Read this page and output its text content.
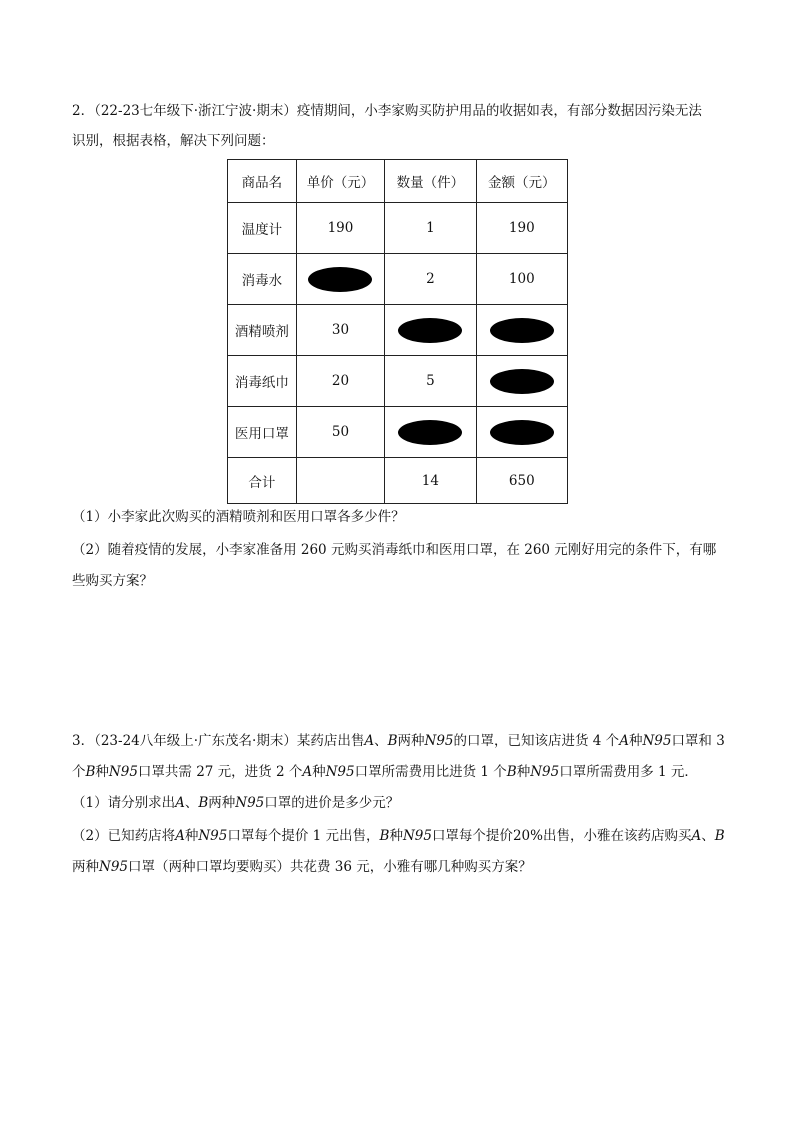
2．（22-23七年级下·浙江宁波·期末）疫情期间，小李家购买防护用品的收据如表，有部分数据因污染无法
识别，根据表格，解决下列问题：
商品名	单价（元）	数量（件）	金额（元）
温度计	190	1	190
消毒水		2	100
酒精喷剂	30		
消毒纸巾	20	5	
医用口罩	50		
合计		14	650
（1）小李家此次购买的酒精喷剂和医用口罩各多少件？
（2）随着疫情的发展，小李家准备用 260 元购买消毒纸巾和医用口罩，在 260 元刚好用完的条件下，有哪
些购买方案？
3．（23-24八年级上·广东茂名·期末）某药店出售A、B两种N95的口罩，已知该店进货 4 个A种N95口罩和 3
个B种N95口罩共需 27 元，进货 2 个A种N95口罩所需费用比进货 1 个B种N95口罩所需费用多 1 元．
（1）请分别求出A、B两种N95口罩的进价是多少元？
（2）已知药店将A种N95口罩每个提价 1 元出售，B种N95口罩每个提价20%出售，小雅在该药店购买A、B
两种N95口罩（两种口罩均要购买）共花费 36 元，小雅有哪几种购买方案？
